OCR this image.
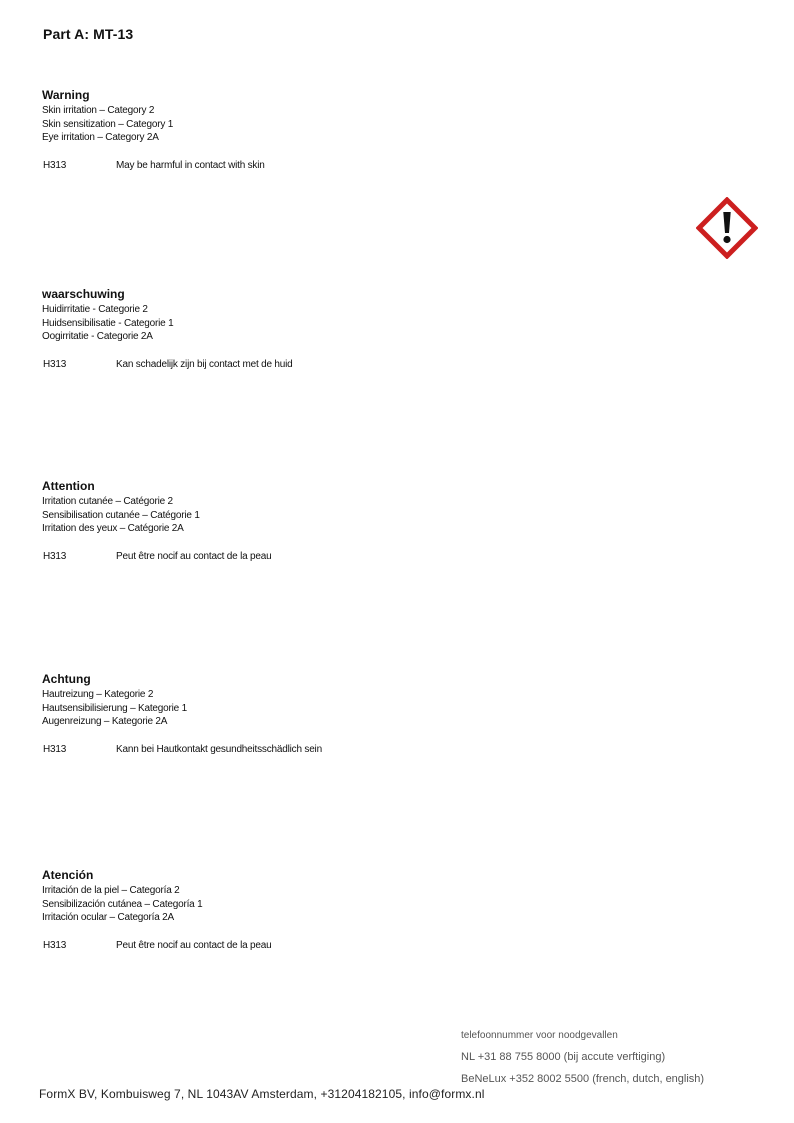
Part A: MT-13
Warning
Skin irritation – Category 2
Skin sensitization – Category 1
Eye irritation – Category 2A
H313	May be harmful in contact with skin
waarschuwing
Huidirritatie - Categorie 2
Huidsensibilisatie - Categorie 1
Oogirritatie - Categorie 2A
H313	Kan schadelijk zijn bij contact met de huid
Attention
Irritation cutanée – Catégorie 2
Sensibilisation cutanée – Catégorie 1
Irritation des yeux – Catégorie 2A
H313	Peut être nocif au contact de la peau
Achtung
Hautreizung – Kategorie 2
Hautsensibilisierung – Kategorie 1
Augenreizung – Kategorie 2A
H313	Kann bei Hautkontakt gesundheitsschädlich sein
Atención
Irritación de la piel – Categoría 2
Sensibilización cutánea – Categoría 1
Irritación ocular – Categoría 2A
H313	Peut être nocif au contact de la peau
telefoonnummer voor noodgevallen
NL +31 88 755 8000 (bij accute verftiging)
BeNeLux +352 8002 5500 (french, dutch, english)
FormX BV, Kombuisweg 7, NL 1043AV Amsterdam, +31204182105, info@formx.nl
